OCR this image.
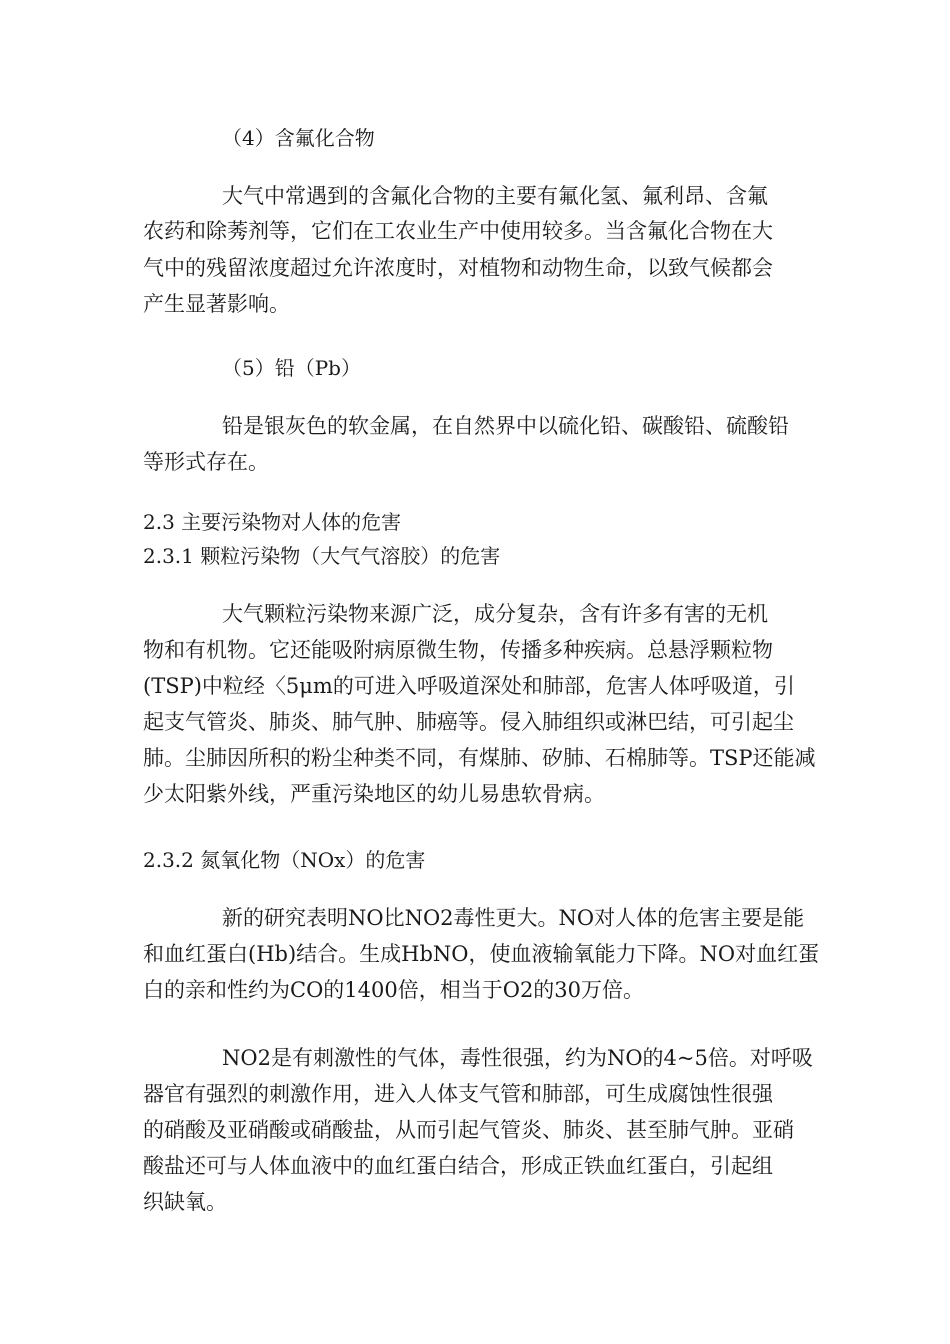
（4）含氟化合物
大气中常遇到的含氟化合物的主要有氟化氢、氟利昂、含氟
农药和除莠剂等，它们在工农业生产中使用较多。当含氟化合物在大
气中的残留浓度超过允许浓度时，对植物和动物生命，以致气候都会
产生显著影响。
（5）铅（Pb）
铅是银灰色的软金属，在自然界中以硫化铅、碳酸铅、硫酸铅
等形式存在。
2.3 主要污染物对人体的危害
2.3.1 颗粒污染物（大气气溶胶）的危害
大气颗粒污染物来源广泛，成分复杂，含有许多有害的无机
物和有机物。它还能吸附病原微生物，传播多种疾病。总悬浮颗粒物
(TSP)中粒经〈5μm的可进入呼吸道深处和肺部，危害人体呼吸道，引
起支气管炎、肺炎、肺气肿、肺癌等。侵入肺组织或淋巴结，可引起尘
肺。尘肺因所积的粉尘种类不同，有煤肺、矽肺、石棉肺等。TSP还能减
少太阳紫外线，严重污染地区的幼儿易患软骨病。
2.3.2 氮氧化物（NOx）的危害
新的研究表明NO比NO2毒性更大。NO对人体的危害主要是能
和血红蛋白(Hb)结合。生成HbNO，使血液输氧能力下降。NO对血红蛋
白的亲和性约为CO的1400倍，相当于O2的30万倍。
NO2是有刺激性的气体，毒性很强，约为NO的4~5倍。对呼吸
器官有强烈的刺激作用，进入人体支气管和肺部，可生成腐蚀性很强
的硝酸及亚硝酸或硝酸盐，从而引起气管炎、肺炎、甚至肺气肿。亚硝
酸盐还可与人体血液中的血红蛋白结合，形成正铁血红蛋白，引起组
织缺氧。
